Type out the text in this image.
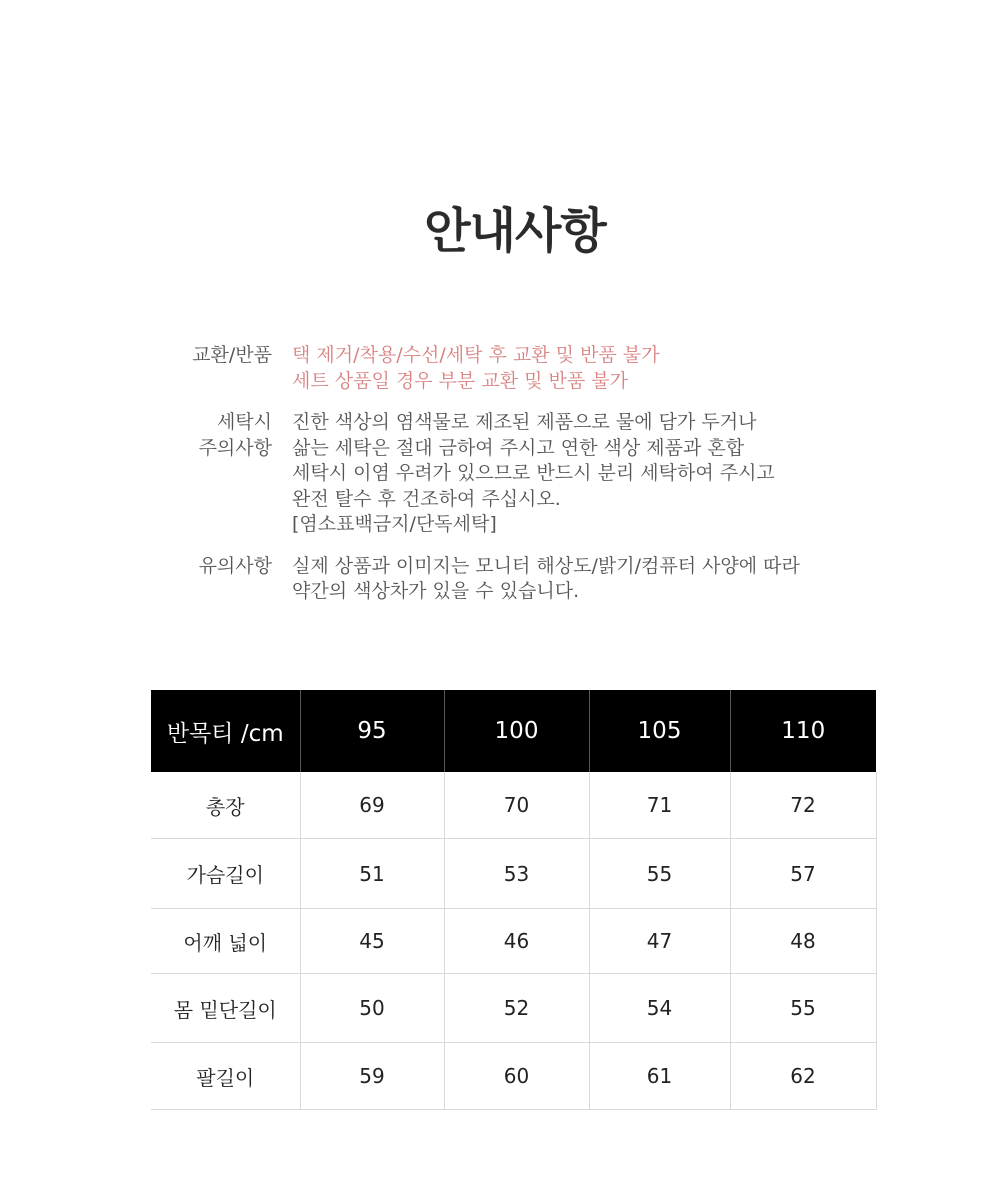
안내사항
교환/반품 택 제거/착용/수선/세탁 후 교환 및 반품 불가
세트 상품일 경우 부분 교환 및 반품 불가
세탁시
주의사항
진한 색상의 염색물로 제조된 제품으로 물에 담가 두거나
삶는 세탁은 절대 금하여 주시고 연한 색상 제품과 혼합
세탁시 이염 우려가 있으므로 반드시 분리 세탁하여 주시고
완전 탈수 후 건조하여 주십시오.
[염소표백금지/단독세탁]
유의사항 실제 상품과 이미지는 모니터 해상도/밝기/컴퓨터 사양에 따라
약간의 색상차가 있을 수 있습니다.
반목티 /cm	95	100	105	110
총장	69	70	71	72
가슴길이	51	53	55	57
어깨 넓이	45	46	47	48
몸 밑단길이	50	52	54	55
팔길이	59	60	61	62
